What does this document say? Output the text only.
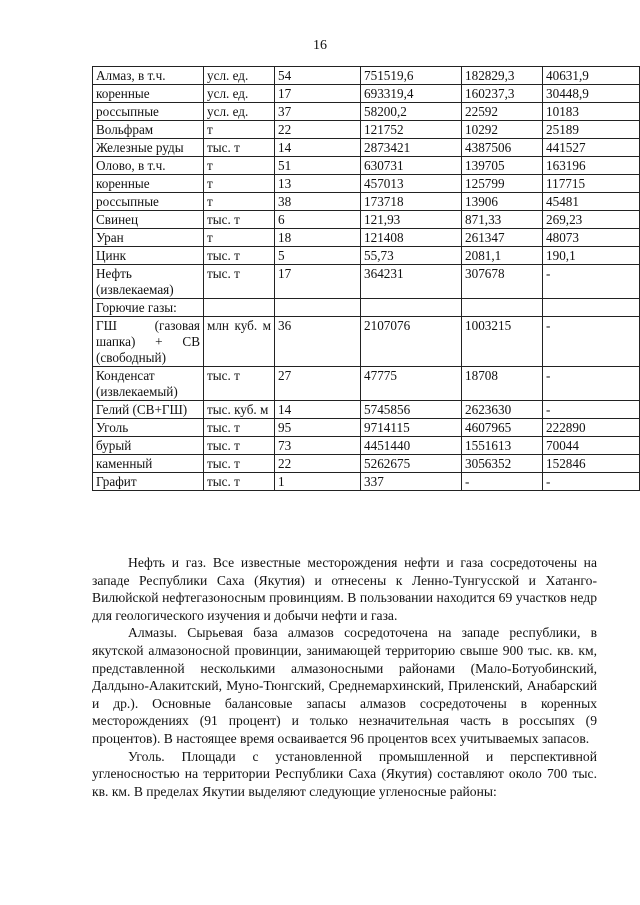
16
Алмаз, в т.ч.	усл. ед.	54	751519,6	182829,3	40631,9
коренные	усл. ед.	17	693319,4	160237,3	30448,9
россыпные	усл. ед.	37	58200,2	22592	10183
Вольфрам	т	22	121752	10292	25189
Железные руды	тыс. т	14	2873421	4387506	441527
Олово, в т.ч.	т	51	630731	139705	163196
коренные	т	13	457013	125799	117715
россыпные	т	38	173718	13906	45481
Свинец	тыс. т	6	121,93	871,33	269,23
Уран	т	18	121408	261347	48073
Цинк	тыс. т	5	55,73	2081,1	190,1
Нефть (извлекаемая)	тыс. т	17	364231	307678	-
Горючие газы:					
ГШ (газовая шапка) + СВ (свободный)	млн куб. м	36	2107076	1003215	-
Конденсат (извлекаемый)	тыс. т	27	47775	18708	-
Гелий (СВ+ГШ)	тыс. куб. м	14	5745856	2623630	-
Уголь	тыс. т	95	9714115	4607965	222890
бурый	тыс. т	73	4451440	1551613	70044
каменный	тыс. т	22	5262675	3056352	152846
Графит	тыс. т	1	337	-	-

Нефть и газ. Все известные месторождения нефти и газа сосредоточены на западе Республики Саха (Якутия) и отнесены к Ленно-Тунгусской и Хатанго-Вилюйской нефтегазоносным провинциям. В пользовании находится 69 участков недр для геологического изучения и добычи нефти и газа.

Алмазы. Сырьевая база алмазов сосредоточена на западе республики, в якутской алмазоносной провинции, занимающей территорию свыше 900 тыс. кв. км, представленной несколькими алмазоносными районами (Мало-Ботуобинский, Далдыно-Алакитский, Муно-Тюнгский, Среднемархинский, Приленский, Анабарский и др.). Основные балансовые запасы алмазов сосредоточены в коренных месторождениях (91 процент) и только незначительная часть в россыпях (9 процентов). В настоящее время осваивается 96 процентов всех учитываемых запасов.

Уголь. Площади с установленной промышленной и перспективной угленосностью на территории Республики Саха (Якутия) составляют около 700 тыс. кв. км. В пределах Якутии выделяют следующие угленосные районы:
